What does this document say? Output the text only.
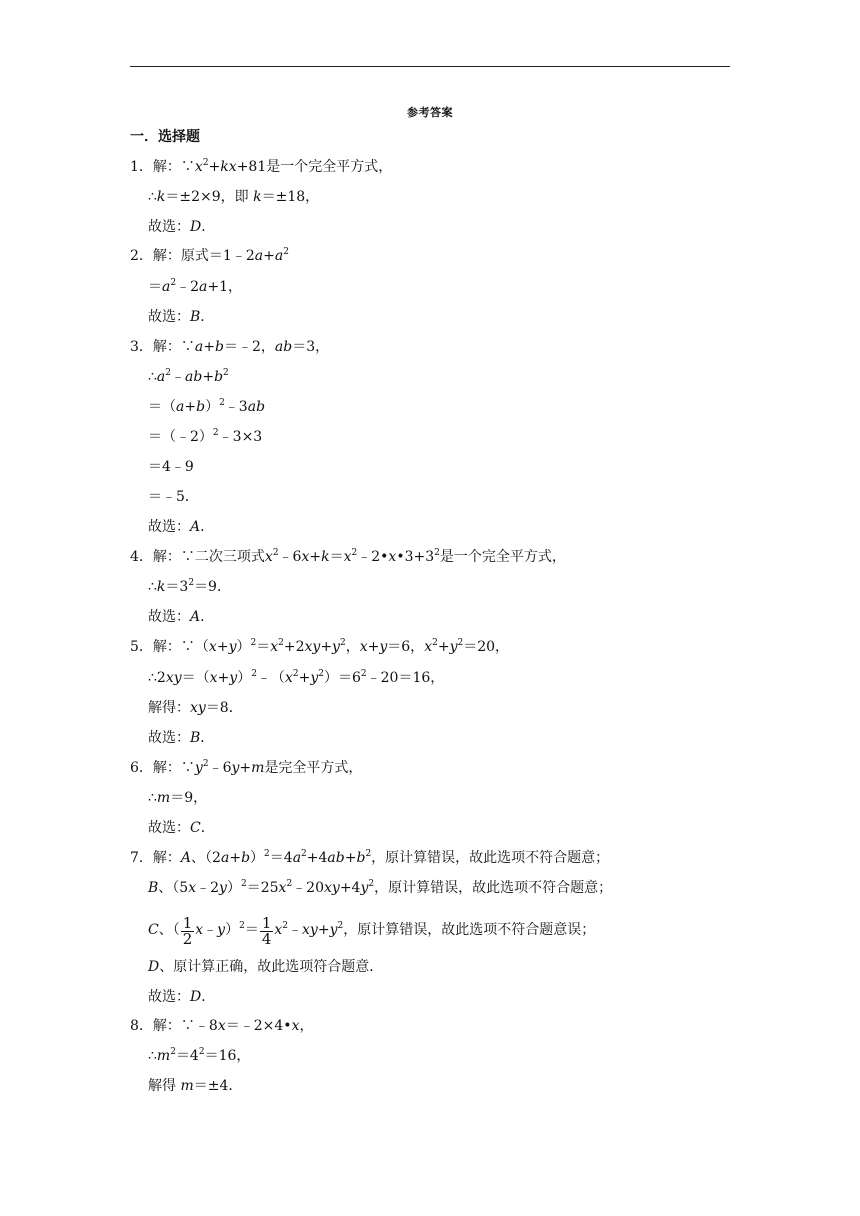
参考答案
一．选择题
1．解：$\because x^2+kx+81$是一个完全平方式，
∴k＝±2×9，即 k＝±18，
故选：D．
2．解：原式$=1﹣2a+a^2$
$=a^2﹣2a+1$，
故选：B．
3．解：∵a+b＝﹣2，ab＝3，
$\therefore a^2﹣ab+b^2$
$=(a+b)^2﹣3ab$
＝（﹣2）$^2$﹣3×3
＝4﹣9
＝﹣5．
故选：A．
4．解：∵二次三项式$x^2﹣6x+k=x^2﹣2•x•3+3^2$是一个完全平方式，
$\therefore k=3^2=9$．
故选：A．
5．解：$\because(x+y)^2=x^2+2xy+y^2$，x+y＝6，$x^2+y^2=20$，
$\therefore 2xy=(x+y)^2﹣(x^2+y^2)=6^2﹣20=16$，
解得：xy＝8．
故选：B．
6．解：$\because y^2﹣6y+m$是完全平方式，
∴m＝9，
故选：C．
7．解：A、$(2a+b)^2=4a^2+4ab+b^2$，原计算错误，故此选项不符合题意；
B、$(5x﹣2y)^2=25x^2﹣20xy+4y^2$，原计算错误，故此选项不符合题意；
C、（ $\frac{1}{2}$ x﹣y）$^2$＝ $\frac{1}{4}$ $x^2﹣xy+y^2$，原计算错误，故此选项不符合题意误；
D、原计算正确，故此选项符合题意．
故选：D．
8．解：∵﹣8x＝﹣2×4•x，
$\therefore m^2=4^2=16$，
解得 m＝±4．
